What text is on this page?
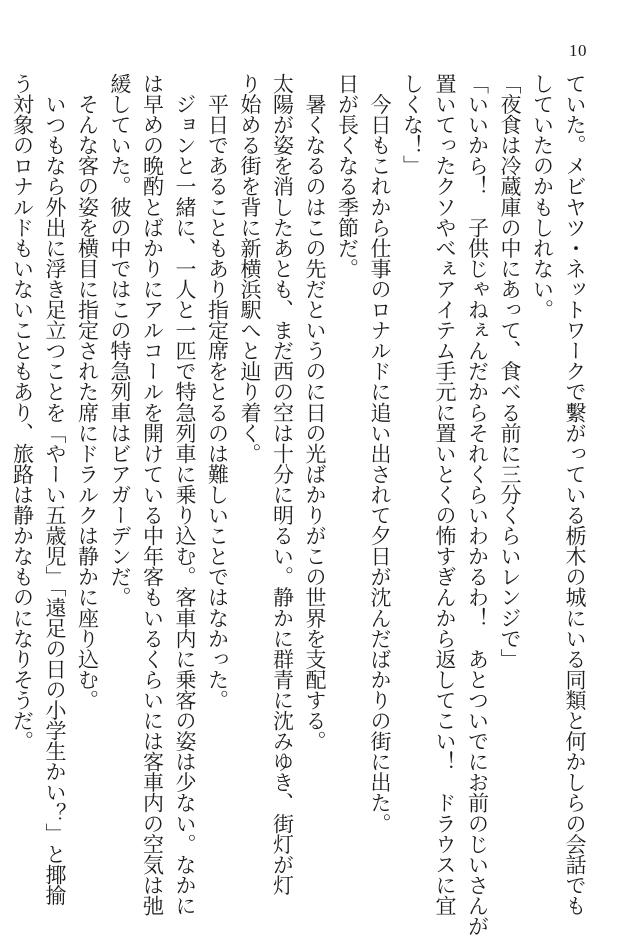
10

ていた。メビヤツ・ネットワークで繫がっている栃木の城にいる同類と何かしらの会話でも

していたのかもしれない。

「夜食は冷蔵庫の中にあって、食べる前に三分くらいレンジで」

「いいから！　子供じゃねぇんだからそれくらいわかるわ！　あとついでにお前のじいさんが

置いてったクソやべぇアイテム手元に置いとくの怖すぎんから返してこい！　ドラウスに宜

しくな！」

　今日もこれから仕事のロナルドに追い出されて夕日が沈んだばかりの街に出た。

日が長くなる季節だ。

　暑くなるのはこの先だというのに日の光ばかりがこの世界を支配する。

太陽が姿を消したあとも、まだ西の空は十分に明るい。静かに群青に沈みゆき、街灯が灯

り始める街を背に新横浜駅へと辿り着く。

　平日であることもあり指定席をとるのは難しいことではなかった。

　ジョンと一緒に、一人と一匹で特急列車に乗り込む。客車内に乗客の姿は少ない。なかに

は早めの晩酌とばかりにアルコールを開けている中年客もいるくらいには客車内の空気は弛

緩していた。彼の中ではこの特急列車はビアガーデンだ。

　そんな客の姿を横目に指定された席にドラルクは静かに座り込む。

　いつもなら外出に浮き足立つことを「やーい五歳児」「遠足の日の小学生かい？」と揶揄

う対象のロナルドもいないこともあり、旅路は静かなものになりそうだ。
